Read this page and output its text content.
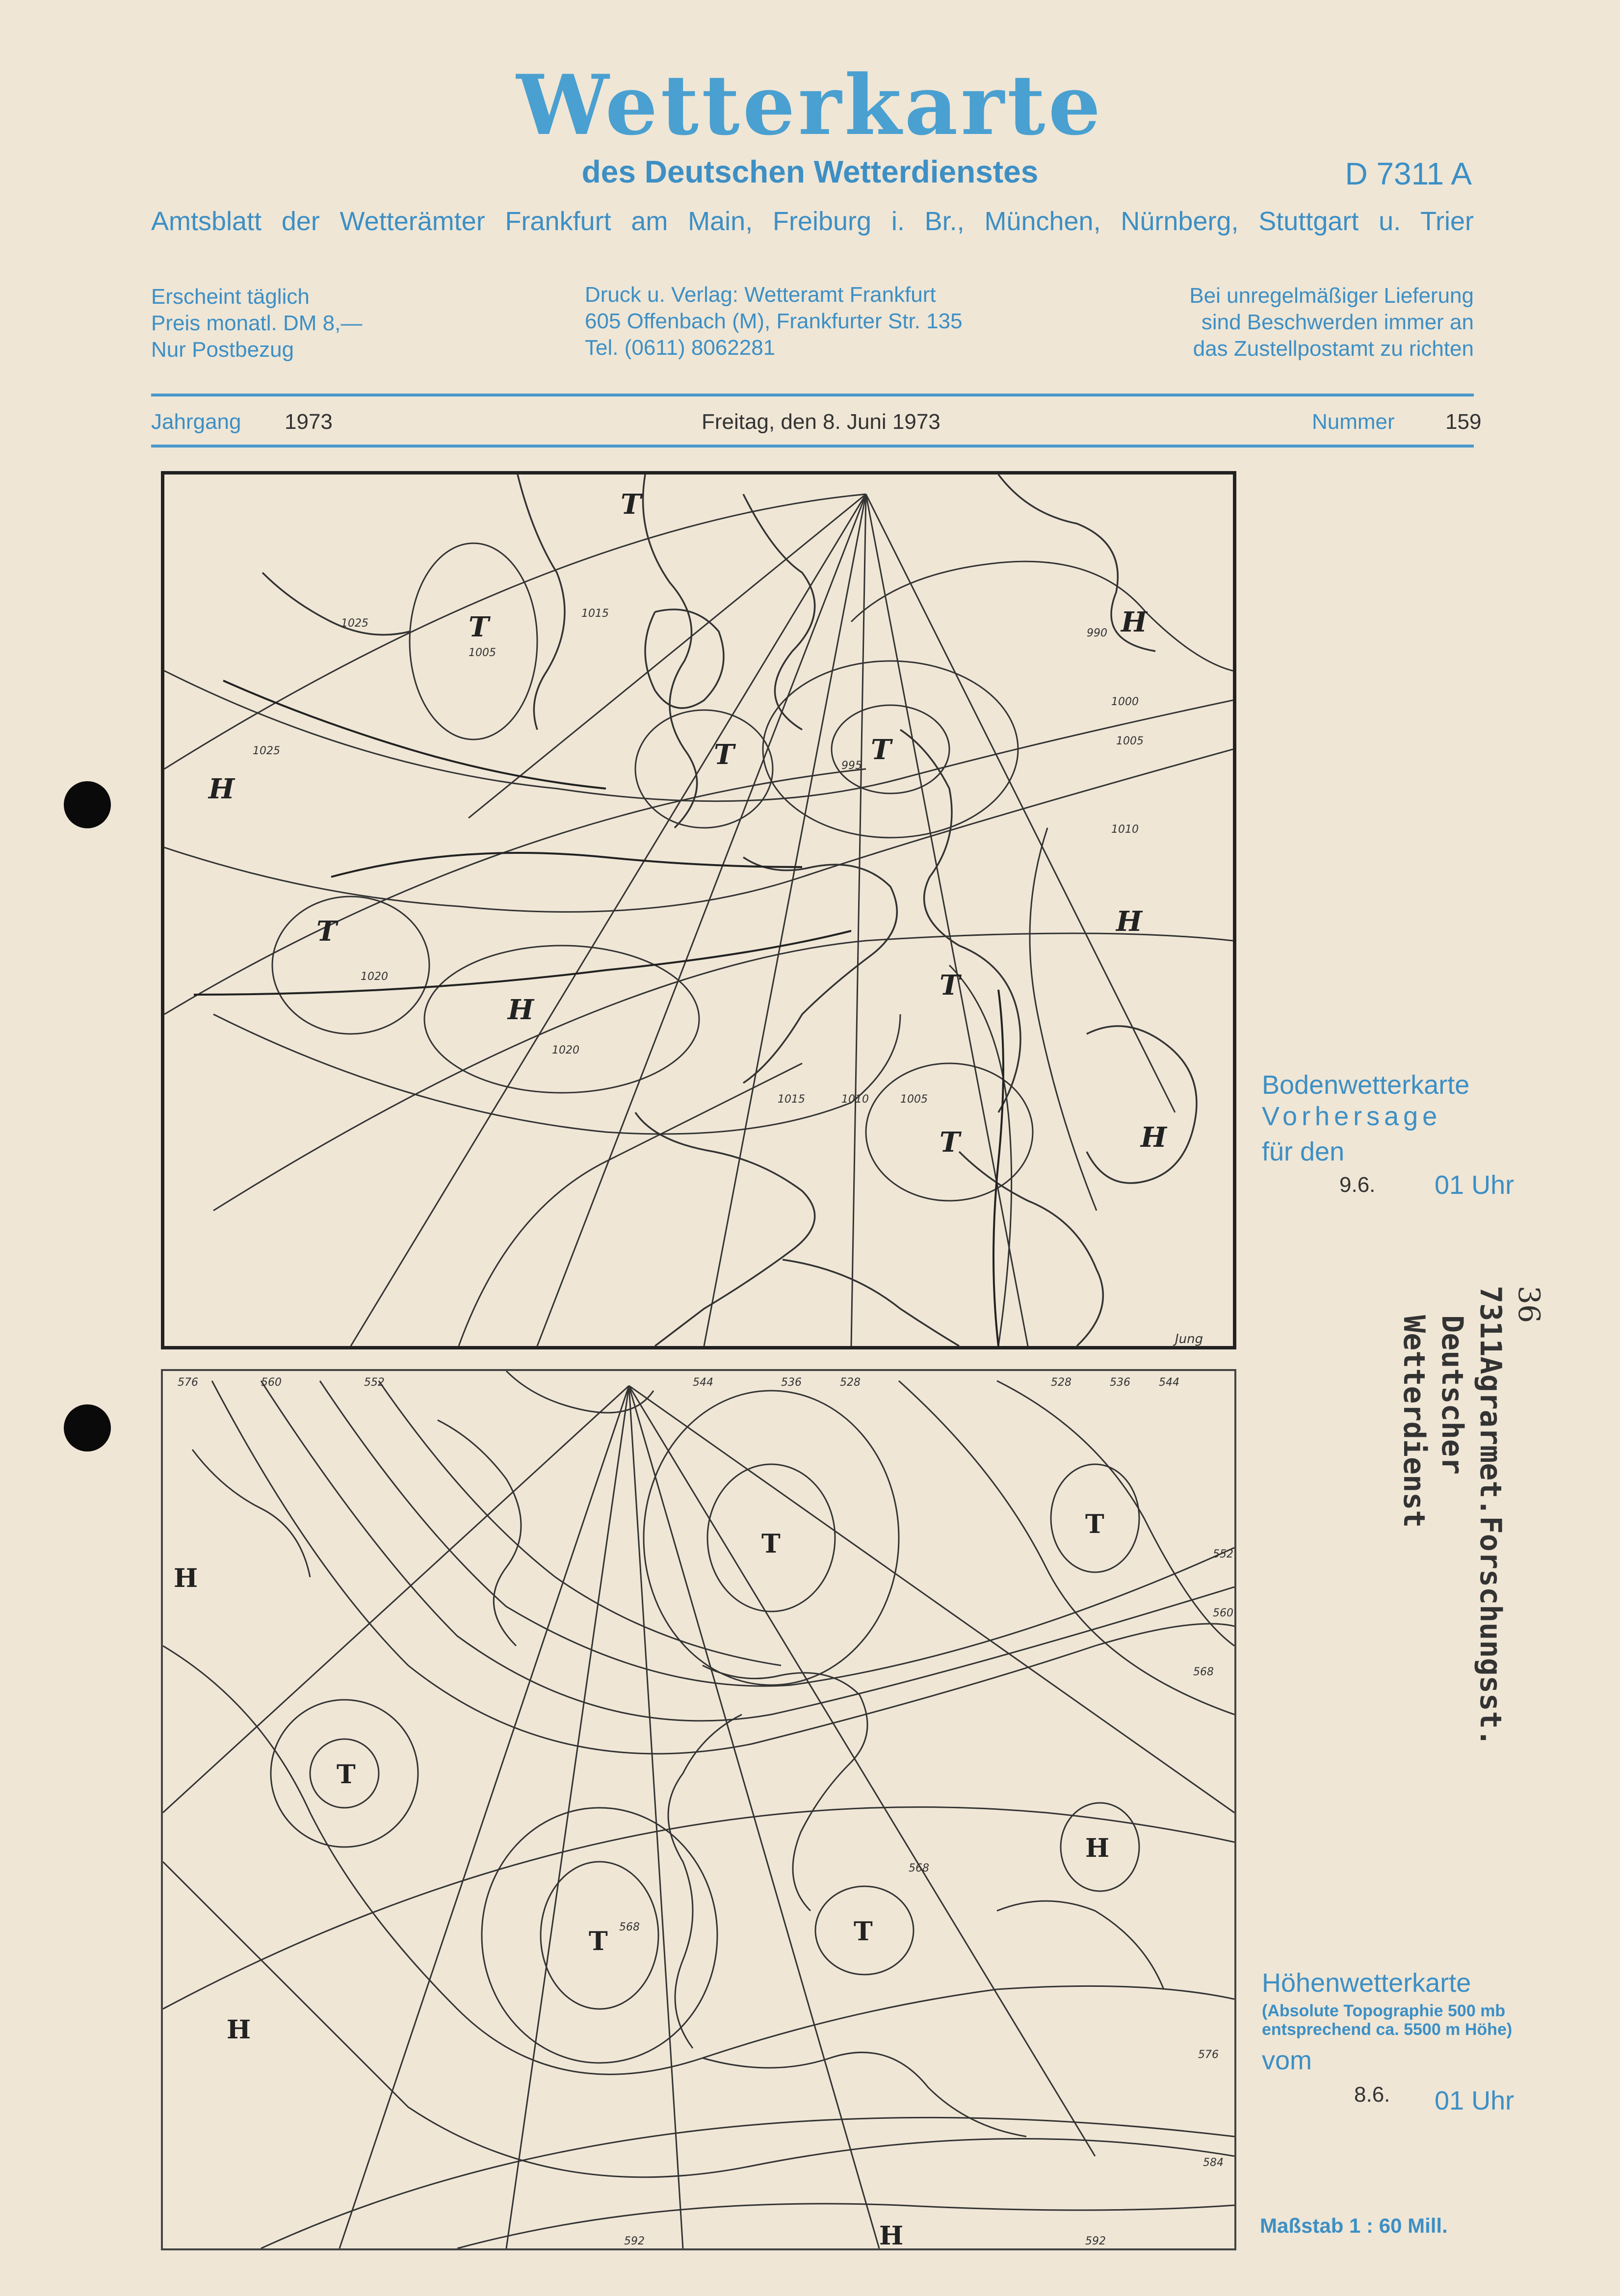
Wetterkarte
des Deutschen Wetterdienstes	D 7311 A
Amtsblatt der Wetterämter Frankfurt am Main, Freiburg i. Br., München, Nürnberg, Stuttgart u. Trier
Erscheint täglich
Preis monatl. DM 8,—
Nur Postbezug
Druck u. Verlag: Wetteramt Frankfurt
605 Offenbach (M), Frankfurter Str. 135
Tel. (0611) 8062281
Bei unregelmäßiger Lieferung
sind Beschwerden immer an
das Zustellpostamt zu richten
Jahrgang 1973	Freitag, den 8. Juni 1973	Nummer 159
H
T
T
T
H
T
T
H
H
T
T
H
1015
1005
1025
1020
1025
1020
1015	1010	1005
1000
1005
1010
995
990
Jung
T
T
T
T	T
H
H
H
H
576	560	552	544	536	528	528	536	544
552
560
568
576
584
592	592
568
568
Bodenwetterkarte
Vorhersage
für den
9.6. 01 Uhr
Höhenwetterkarte
(Absolute Topographie 500 mb
entsprechend ca. 5500 m Höhe)
vom
8.6. 01 Uhr
Maßstab 1 : 60 Mill.
36
7311Agrarmet.Forschungsst.
Deutscher Wetterdienst
